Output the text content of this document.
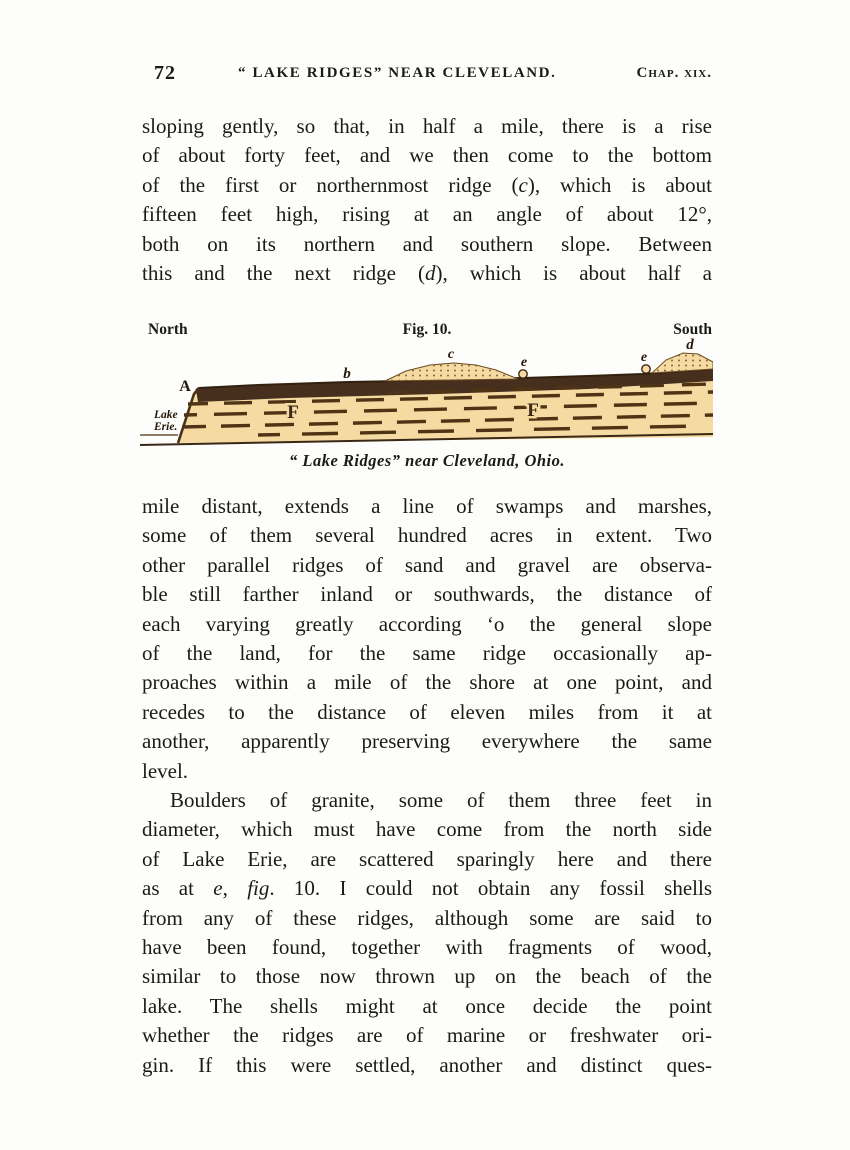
72	“ LAKE RIDGES” NEAR CLEVELAND.	Chap. xix.
sloping gently, so that, in half a mile, there is a rise
of about forty feet, and we then come to the bottom
of the first or northernmost ridge (c), which is about
fifteen feet high, rising at an angle of about 12°,
both on its northern and southern slope. Between
this and the next ridge (d), which is about half a
North	Fig. 10.	South
A
b
c
e	e
d
F	F
Lake
Erie.
“ Lake Ridges” near Cleveland, Ohio.
mile distant, extends a line of swamps and marshes,
some of them several hundred acres in extent. Two
other parallel ridges of sand and gravel are observa-
ble still farther inland or southwards, the distance of
each varying greatly according ‘o the general slope
of the land, for the same ridge occasionally ap-
proaches within a mile of the shore at one point, and
recedes to the distance of eleven miles from it at
another, apparently preserving everywhere the same
level.
Boulders of granite, some of them three feet in
diameter, which must have come from the north side
of Lake Erie, are scattered sparingly here and there
as at e, fig. 10. I could not obtain any fossil shells
from any of these ridges, although some are said to
have been found, together with fragments of wood,
similar to those now thrown up on the beach of the
lake. The shells might at once decide the point
whether the ridges are of marine or freshwater ori-
gin. If this were settled, another and distinct ques-
